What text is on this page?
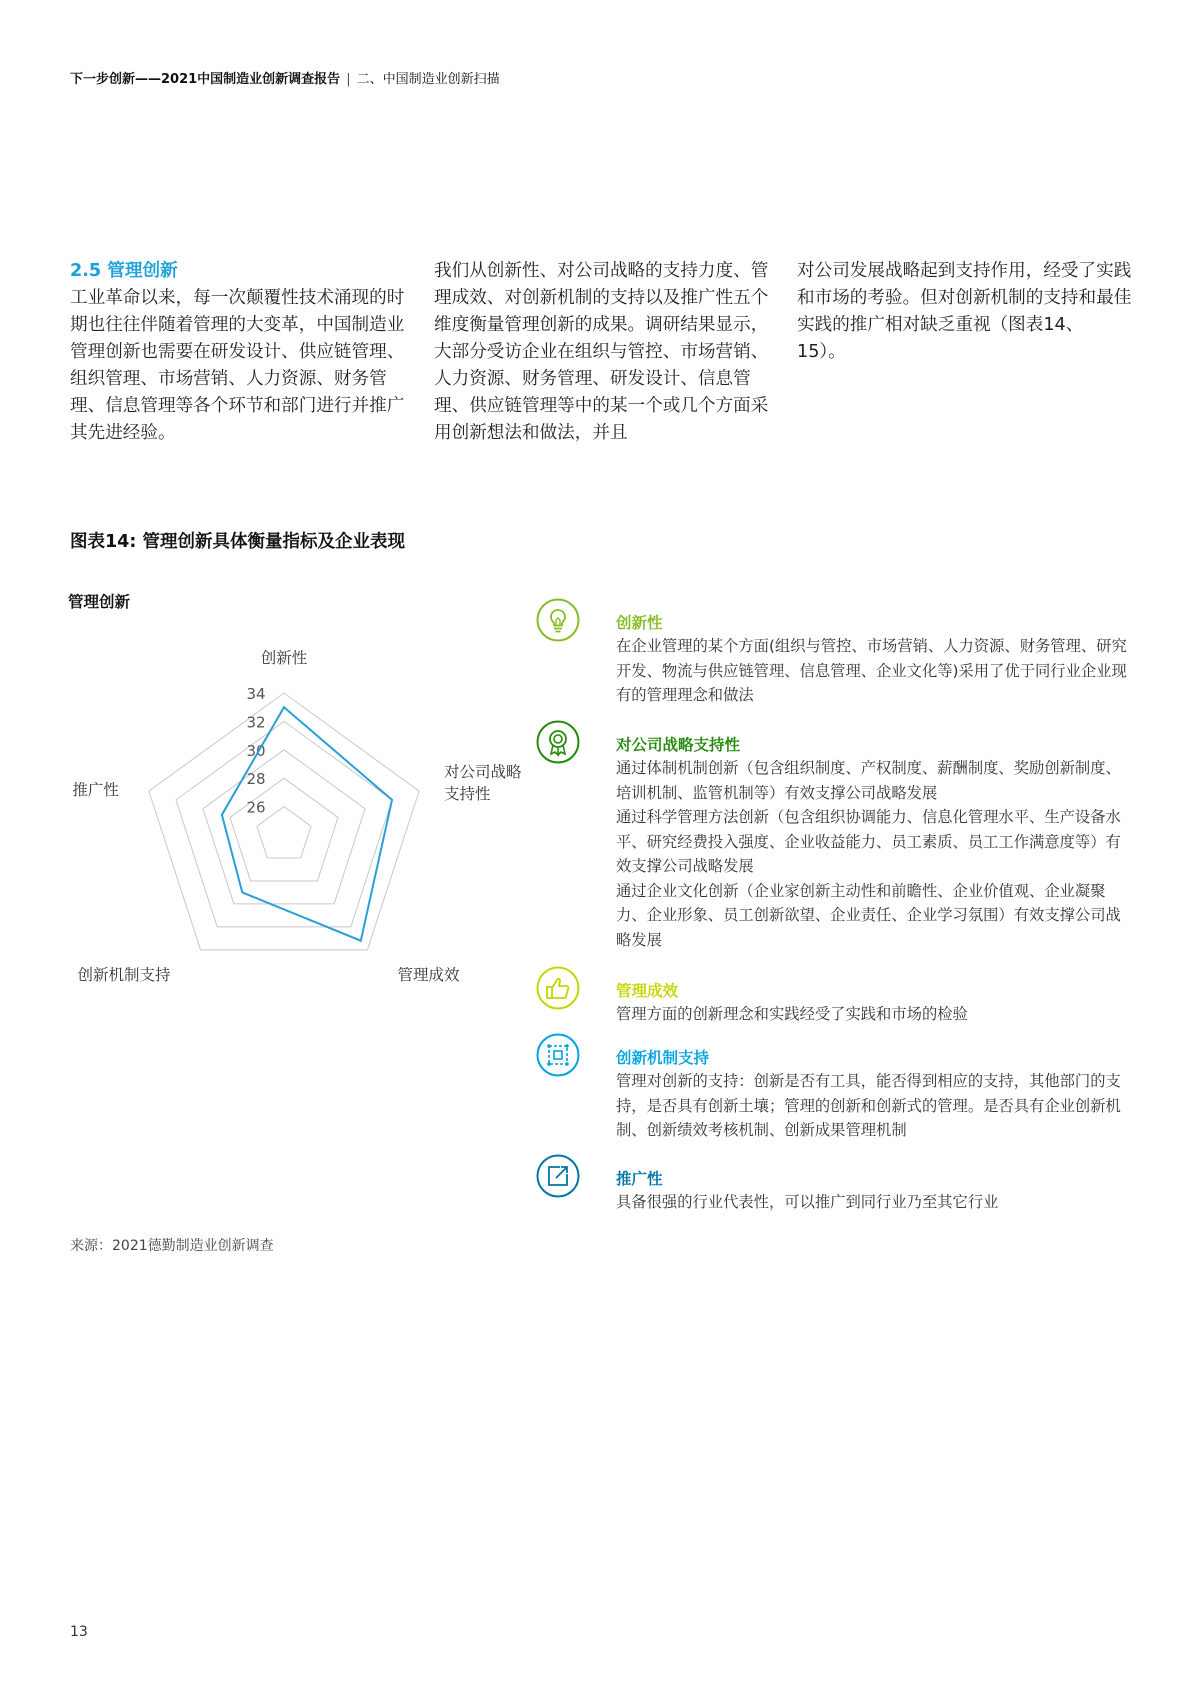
下一步创新——2021中国制造业创新调查报告 | 二、中国制造业创新扫描
2.5 管理创新

工业革命以来，每一次颠覆性技术涌现的时期也往往伴随着管理的大变革，中国制造业管理创新也需要在研发设计、供应链管理、组织管理、市场营销、人力资源、财务管理、信息管理等各个环节和部门进行并推广其先进经验。

我们从创新性、对公司战略的支持力度、管理成效、对创新机制的支持以及推广性五个维度衡量管理创新的成果。调研结果显示，大部分受访企业在组织与管控、市场营销、人力资源、财务管理、研发设计、信息管理、供应链管理等中的某一个或几个方面采用创新想法和做法，并且

对公司发展战略起到支持作用，经受了实践和市场的考验。但对创新机制的支持和最佳实践的推广相对缺乏重视（图表14、15）。

图表14: 管理创新具体衡量指标及企业表现
管理创新
26
28
30
32
34
创新性
对公司战略支持性
管理成效
创新机制支持
推广性
创新性
在企业管理的某个方面(组织与管控、市场营销、人力资源、财务管理、研究开发、物流与供应链管理、信息管理、企业文化等)采用了优于同行业企业现有的管理理念和做法
对公司战略支持性
通过体制机制创新（包含组织制度、产权制度、薪酬制度、奖励创新制度、培训机制、监管机制等）有效支撑公司战略发展
通过科学管理方法创新（包含组织协调能力、信息化管理水平、生产设备水平、研究经费投入强度、企业收益能力、员工素质、员工工作满意度等）有效支撑公司战略发展
通过企业文化创新（企业家创新主动性和前瞻性、企业价值观、企业凝聚力、企业形象、员工创新欲望、企业责任、企业学习氛围）有效支撑公司战略发展
管理成效
管理方面的创新理念和实践经受了实践和市场的检验
创新机制支持
管理对创新的支持：创新是否有工具，能否得到相应的支持，其他部门的支持，是否具有创新土壤；管理的创新和创新式的管理。是否具有企业创新机制、创新绩效考核机制、创新成果管理机制
推广性
具备很强的行业代表性，可以推广到同行业乃至其它行业
来源：2021德勤制造业创新调查
13
